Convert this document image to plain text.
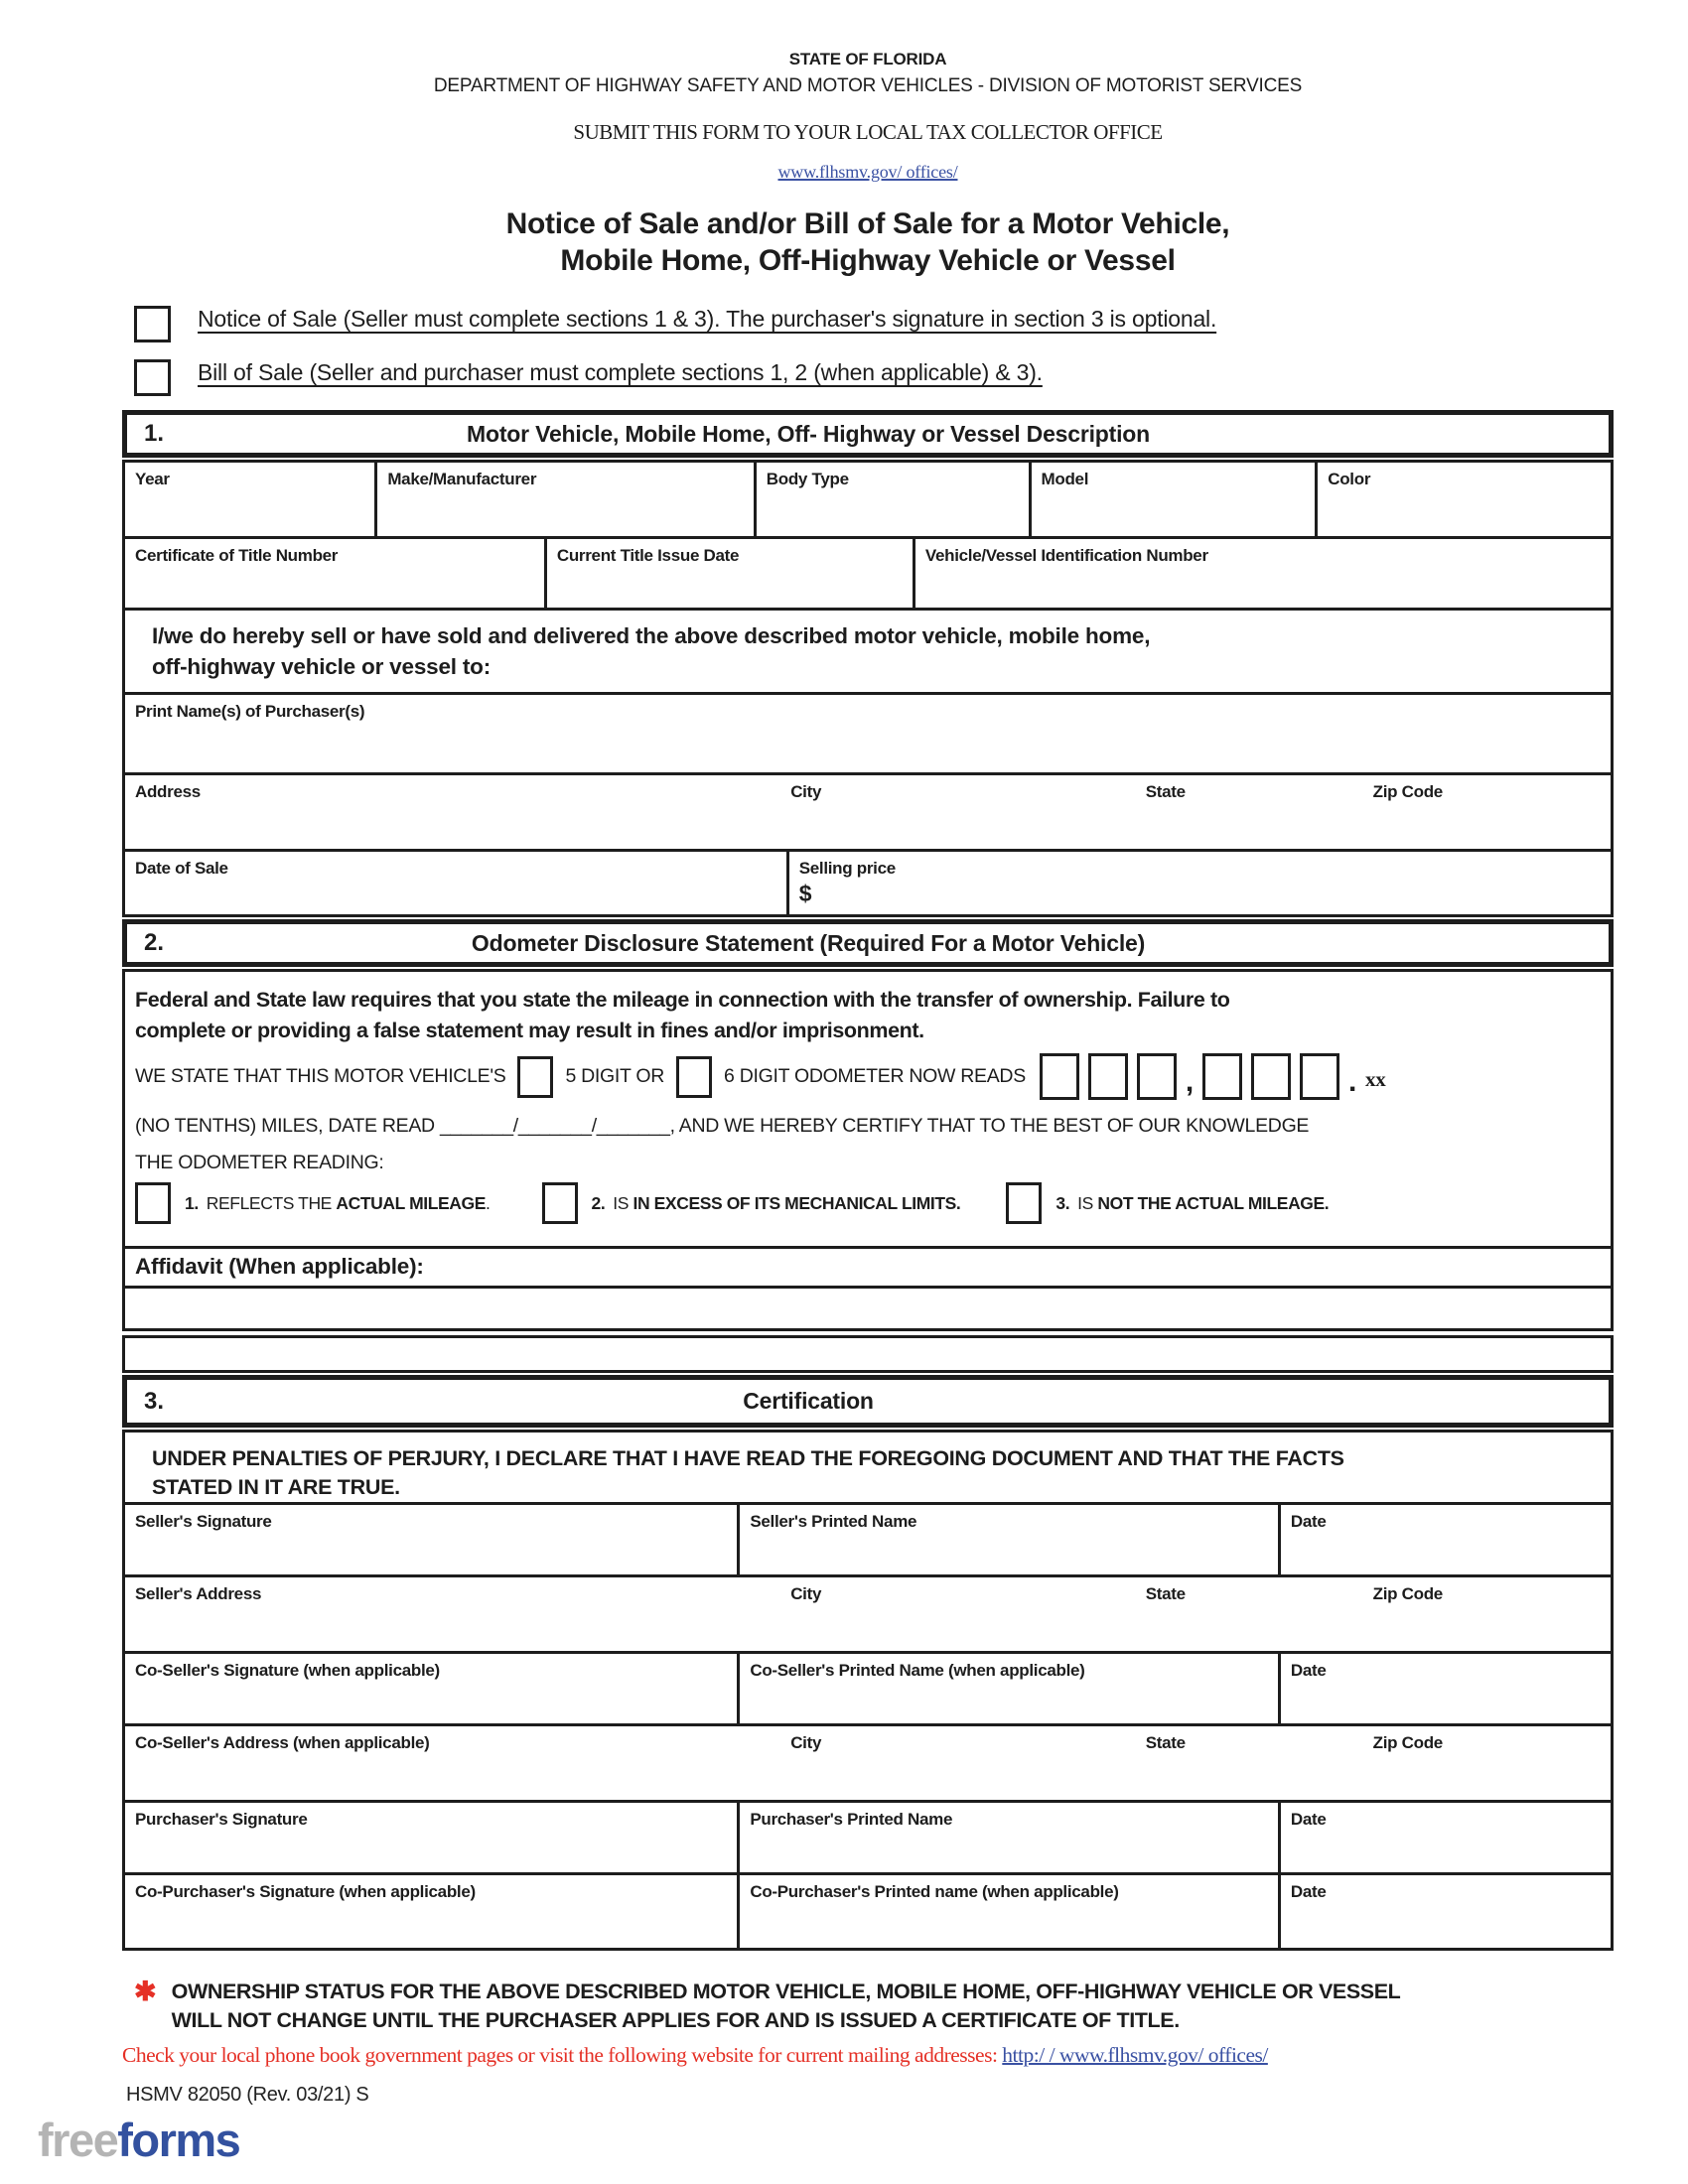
STATE OF FLORIDA
DEPARTMENT OF HIGHWAY SAFETY AND MOTOR VEHICLES - DIVISION OF MOTORIST SERVICES
SUBMIT THIS FORM TO YOUR LOCAL TAX COLLECTOR OFFICE
www.flhsmv.gov/ offices/
Notice of Sale and/or Bill of Sale for a Motor Vehicle,
Mobile Home, Off-Highway Vehicle or Vessel
Notice of Sale (Seller must complete sections 1 & 3). The purchaser's signature in section 3 is optional.
Bill of Sale (Seller and purchaser must complete sections 1, 2 (when applicable) & 3).
1.	Motor Vehicle, Mobile Home, Off- Highway or Vessel Description
Year	Make/Manufacturer	Body Type	Model	Color
Certificate of Title Number	Current Title Issue Date	Vehicle/Vessel Identification Number
I/we do hereby sell or have sold and delivered the above described motor vehicle, mobile home,
off-highway vehicle or vessel to:
Print Name(s) of Purchaser(s)
Address	City	State	Zip Code
Date of Sale	Selling price
$
2.	Odometer Disclosure Statement (Required For a Motor Vehicle)
Federal and State law requires that you state the mileage in connection with the transfer of ownership. Failure to
complete or providing a false statement may result in fines and/or imprisonment.
WE STATE THAT THIS MOTOR VEHICLE'S	5 DIGIT OR	6 DIGIT ODOMETER NOW READS	,	. xx
(NO TENTHS) MILES, DATE READ _______/_______/_______, AND WE HEREBY CERTIFY THAT TO THE BEST OF OUR KNOWLEDGE
THE ODOMETER READING:
1. REFLECTS THE ACTUAL MILEAGE.	2. IS IN EXCESS OF ITS MECHANICAL LIMITS.	3. IS NOT THE ACTUAL MILEAGE.
Affidavit (When applicable):
3.	Certification
UNDER PENALTIES OF PERJURY, I DECLARE THAT I HAVE READ THE FOREGOING DOCUMENT AND THAT THE FACTS
STATED IN IT ARE TRUE.
Seller's Signature	Seller's Printed Name	Date
Seller's Address	City	State	Zip Code
Co-Seller's Signature (when applicable)	Co-Seller's Printed Name (when applicable)	Date
Co-Seller's Address (when applicable)	City	State	Zip Code
Purchaser's Signature	Purchaser's Printed Name	Date
Co-Purchaser's Signature (when applicable)	Co-Purchaser's Printed name (when applicable)	Date
✱ OWNERSHIP STATUS FOR THE ABOVE DESCRIBED MOTOR VEHICLE, MOBILE HOME, OFF-HIGHWAY VEHICLE OR VESSEL
WILL NOT CHANGE UNTIL THE PURCHASER APPLIES FOR AND IS ISSUED A CERTIFICATE OF TITLE.
Check your local phone book government pages or visit the following website for current mailing addresses: http:/ / www.flhsmv.gov/ offices/
HSMV 82050 (Rev. 03/21) S
freeforms
